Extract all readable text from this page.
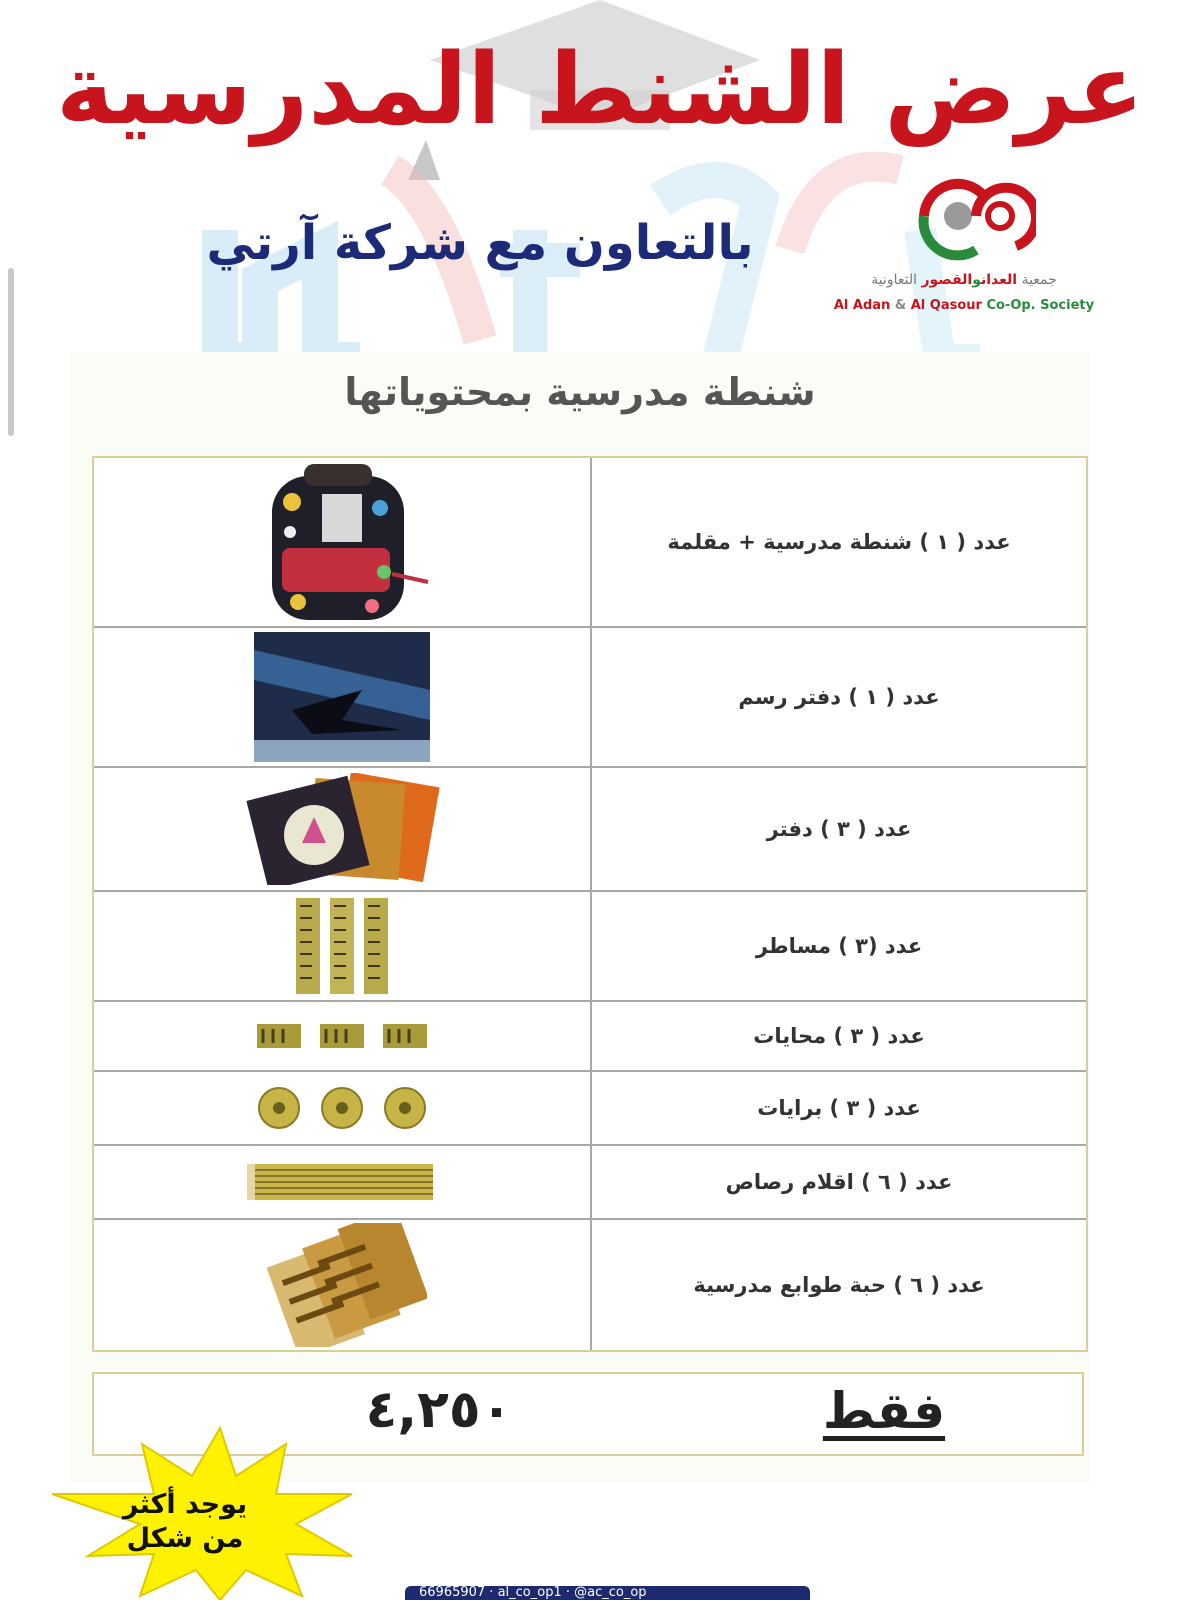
عرض الشنط المدرسية
بالتعاون مع شركة آرتي
جمعية العدانوالقصور التعاونية
Al Adan & Al Qasour Co-Op. Society
شنطة مدرسية بمحتوياتها
عدد ( ١ ) شنطة مدرسية + مقلمة
عدد ( ١ ) دفتر رسم
عدد ( ٣ ) دفتر
عدد (٣ ) مساطر
عدد ( ٣ ) محايات
عدد ( ٣ ) برايات
عدد ( ٦ ) اقلام رصاص
عدد ( ٦ ) حبة طوابع مدرسية
٤,٢٥٠	فقط
يوجد أكثر
من شكل
66965907 · al_co_op1 · @ac_co_op
